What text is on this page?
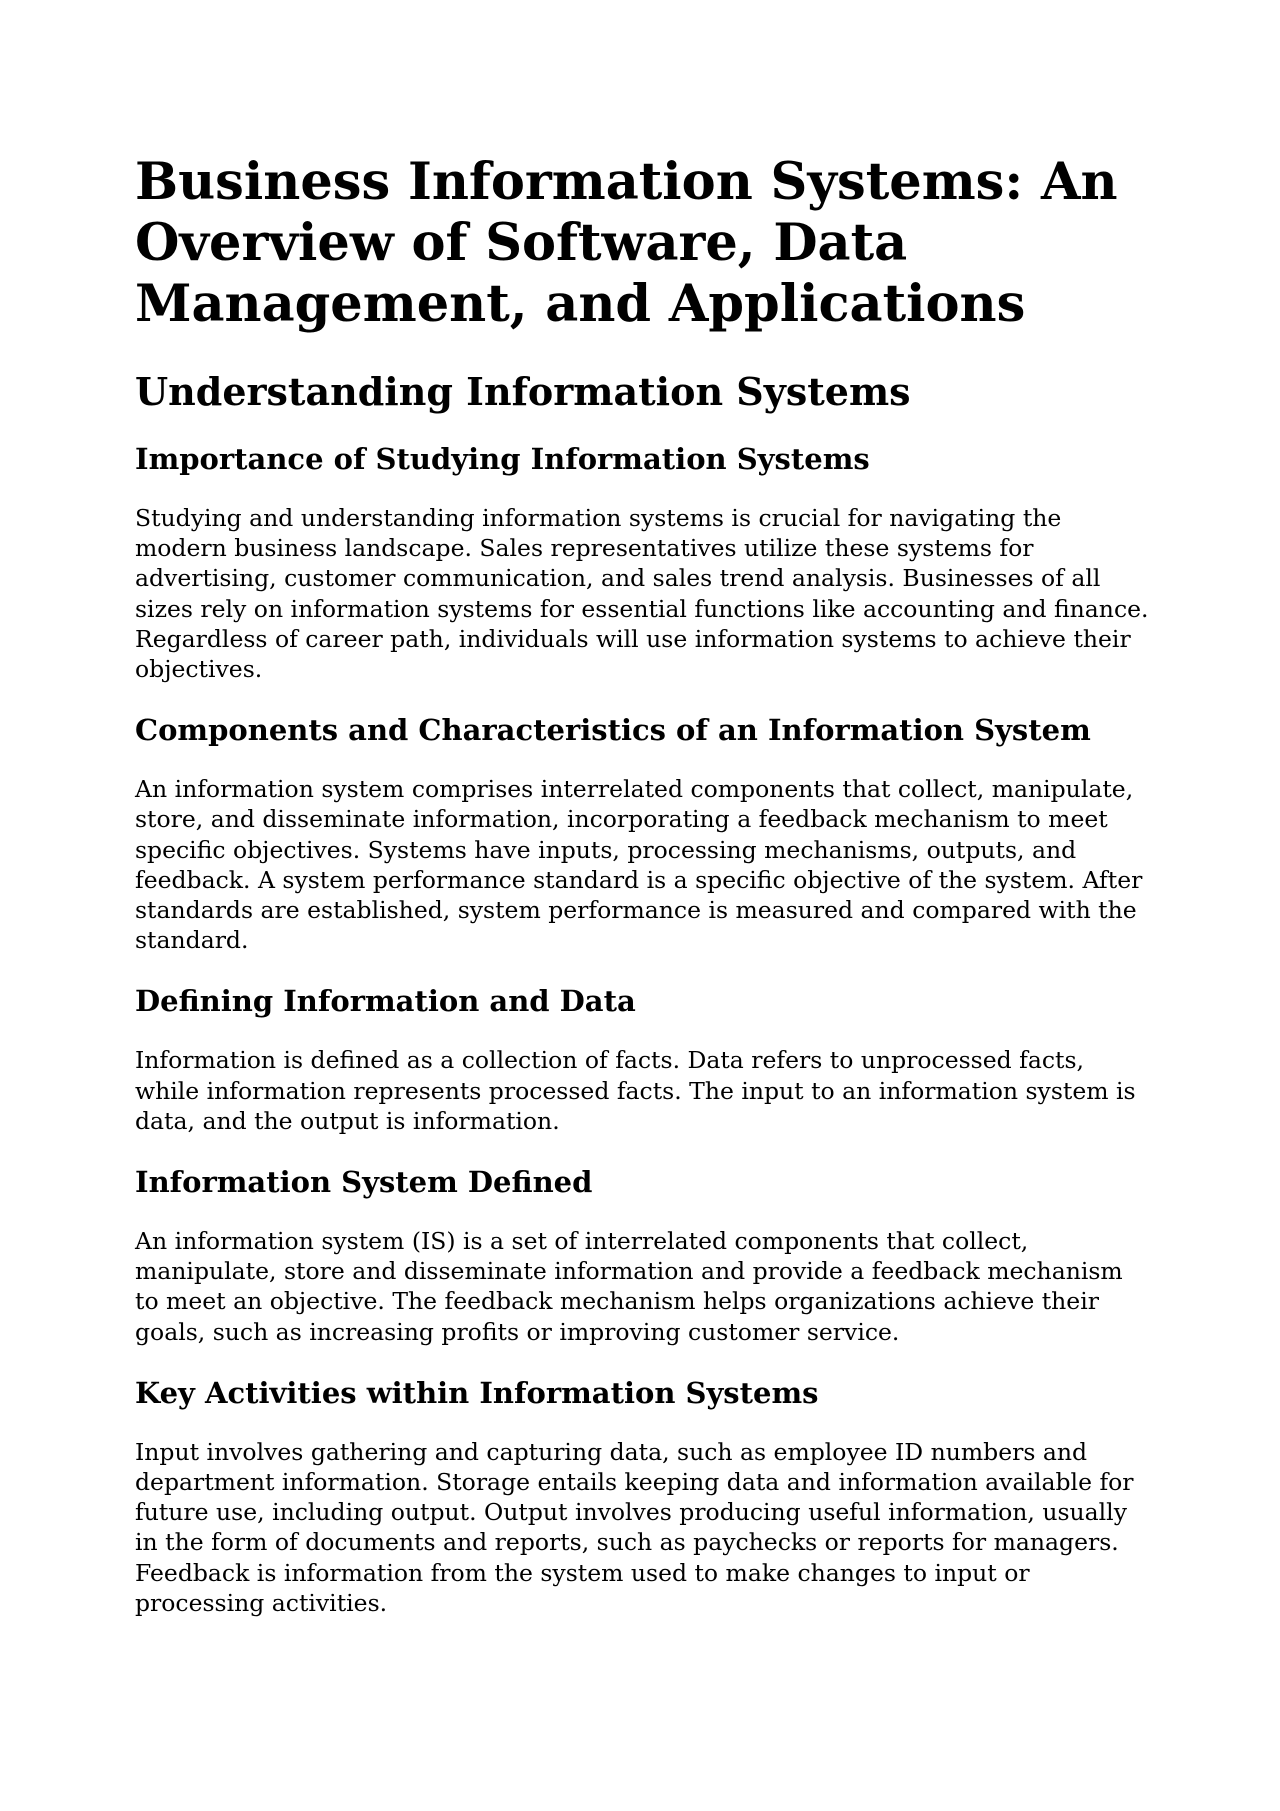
Business Information Systems: An Overview of Software, Data Management, and Applications
Understanding Information Systems
Importance of Studying Information Systems

Studying and understanding information systems is crucial for navigating the modern business landscape. Sales representatives utilize these systems for advertising, customer communication, and sales trend analysis. Businesses of all sizes rely on information systems for essential functions like accounting and finance. Regardless of career path, individuals will use information systems to achieve their objectives.

Components and Characteristics of an Information System

An information system comprises interrelated components that collect, manipulate, store, and disseminate information, incorporating a feedback mechanism to meet specific objectives. Systems have inputs, processing mechanisms, outputs, and feedback. A system performance standard is a specific objective of the system. After standards are established, system performance is measured and compared with the standard.

Defining Information and Data

Information is defined as a collection of facts. Data refers to unprocessed facts, while information represents processed facts. The input to an information system is data, and the output is information.

Information System Defined

An information system (IS) is a set of interrelated components that collect, manipulate, store and disseminate information and provide a feedback mechanism to meet an objective. The feedback mechanism helps organizations achieve their goals, such as increasing profits or improving customer service.

Key Activities within Information Systems

Input involves gathering and capturing data, such as employee ID numbers and department information. Storage entails keeping data and information available for future use, including output. Output involves producing useful information, usually in the form of documents and reports, such as paychecks or reports for managers. Feedback is information from the system used to make changes to input or processing activities.
